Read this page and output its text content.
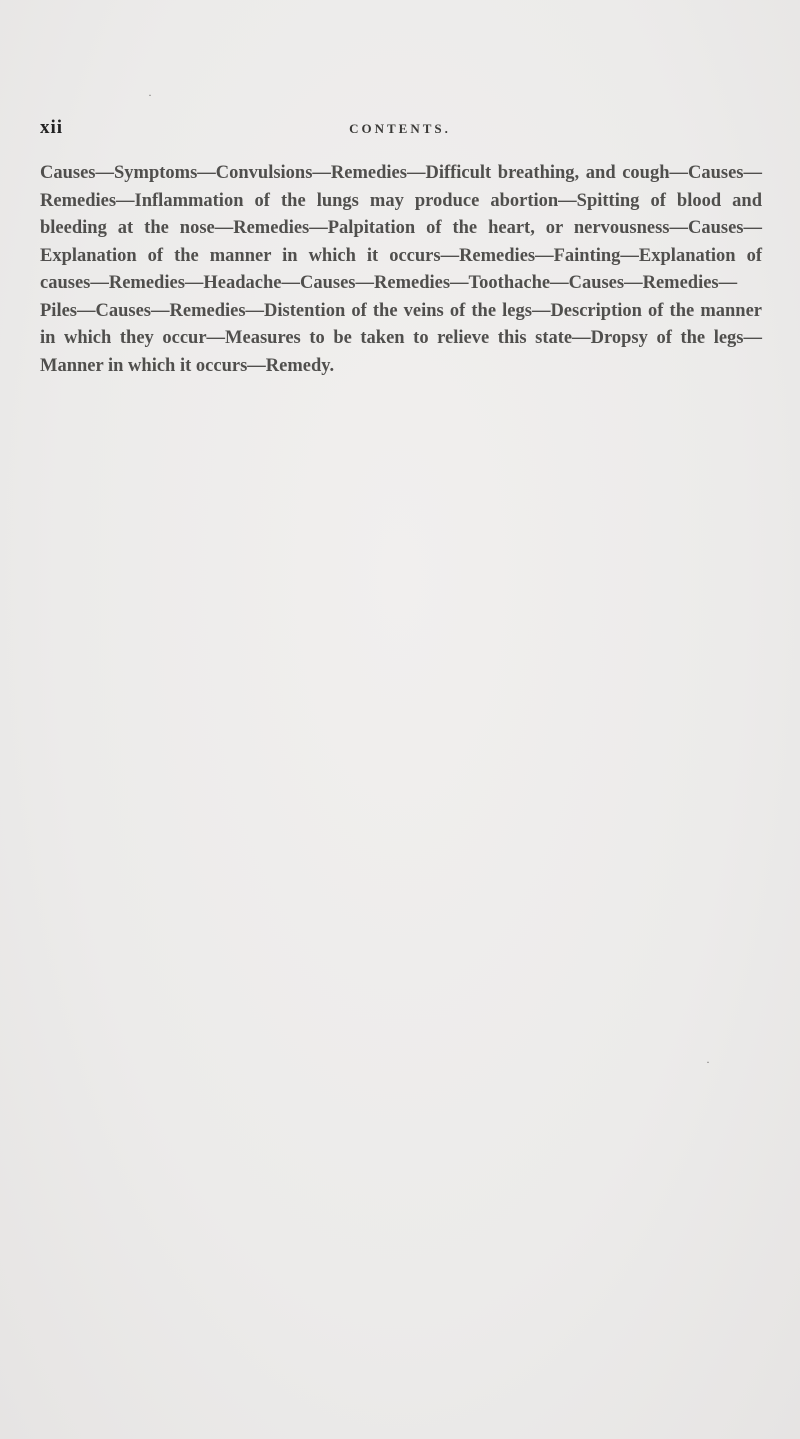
xii	CONTENTS.

Causes—Symptoms—Convulsions—Remedies—Difficult breathing, and cough—Causes—Remedies—Inflammation of the lungs may produce abortion—Spitting of blood and bleeding at the nose—Remedies—Palpitation of the heart, or nervousness—Causes—Explanation of the manner in which it occurs—Remedies—Fainting—Explanation of causes—Remedies—Headache—Causes—Remedies—Toothache—Causes—Remedies—Piles—Causes—Remedies—Distention of the veins of the legs—Description of the manner in which they occur—Measures to be taken to relieve this state—Dropsy of the legs—Manner in which it occurs—Remedy.

·
·
